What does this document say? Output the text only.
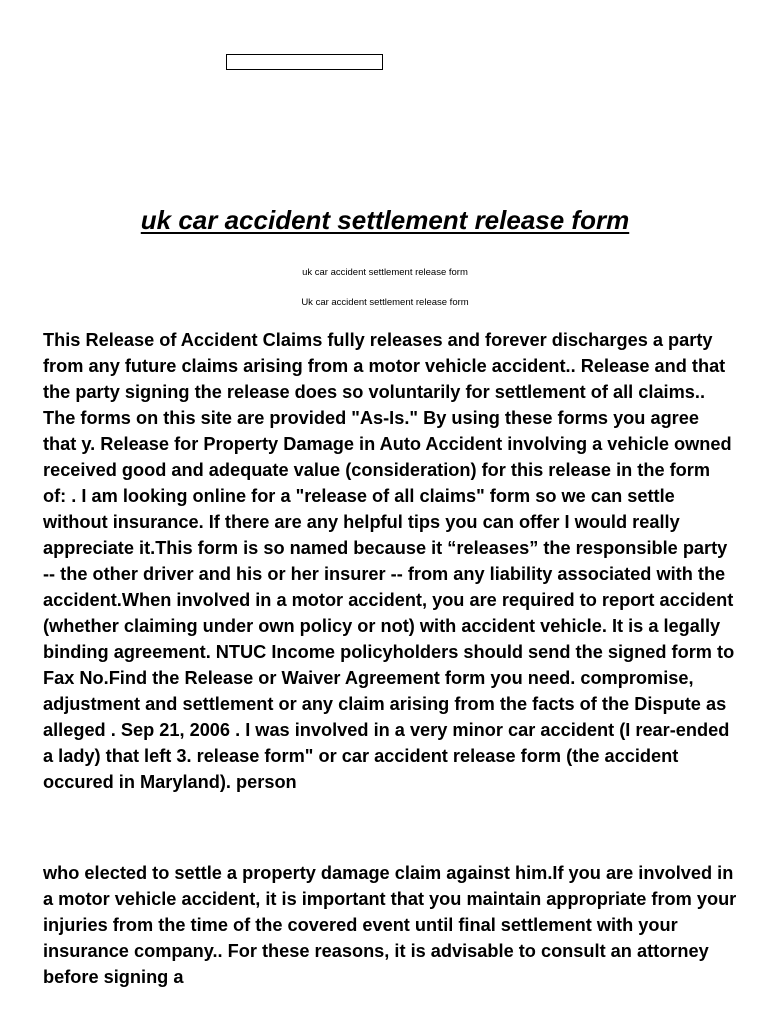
uk car accident settlement release form

uk car accident settlement release form

Uk car accident settlement release form

This Release of Accident Claims fully releases and forever discharges a party from any future claims arising from a motor vehicle accident.. Release and that the party signing the release does so voluntarily for settlement of all claims.. The forms on this site are provided "As-Is." By using these forms you agree that y. Release for Property Damage in Auto Accident involving a vehicle owned received good and adequate value (consideration) for this release in the form of: . I am looking online for a "release of all claims" form so we can settle without insurance. If there are any helpful tips you can offer I would really appreciate it.This form is so named because it “releases” the responsible party -- the other driver and his or her insurer -- from any liability associated with the accident.When involved in a motor accident, you are required to report accident (whether claiming under own policy or not) with accident vehicle. It is a legally binding agreement. NTUC Income policyholders should send the signed form to Fax No.Find the Release or Waiver Agreement form you need. compromise, adjustment and settlement or any claim arising from the facts of the Dispute as alleged . Sep 21, 2006 . I was involved in a very minor car accident (I rear-ended a lady) that left 3. release form" or car accident release form (the accident occured in Maryland). person

who elected to settle a property damage claim against him.If you are involved in a motor vehicle accident, it is important that you maintain appropriate from your injuries from the time of the covered event until final settlement with your insurance company.. For these reasons, it is advisable to consult an attorney before signing a
